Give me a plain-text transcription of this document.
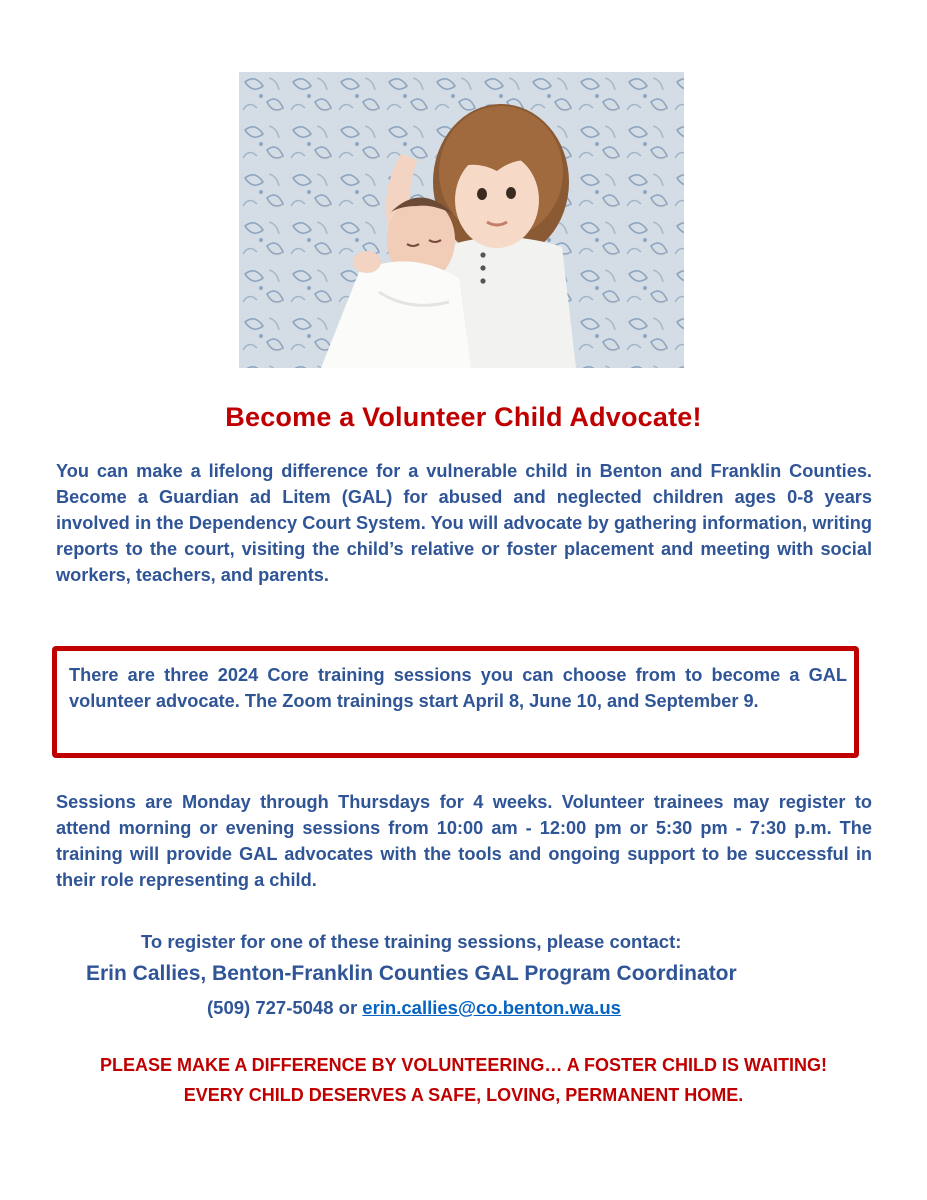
Become a Volunteer Child Advocate!
You can make a lifelong difference for a vulnerable child in Benton and Franklin Counties. Become a Guardian ad Litem (GAL) for abused and neglected children ages 0-8 years involved in the Dependency Court System. You will advocate by gathering information, writing reports to the court, visiting the child’s relative or foster placement and meeting with social workers, teachers, and parents.
There are three 2024 Core training sessions you can choose from to become a GAL volunteer advocate. The Zoom trainings start April 8, June 10, and September 9.
Sessions are Monday through Thursdays for 4 weeks. Volunteer trainees may register to attend morning or evening sessions from 10:00 am - 12:00 pm or 5:30 pm - 7:30 p.m. The training will provide GAL advocates with the tools and ongoing support to be successful in their role representing a child.
To register for one of these training sessions, please contact:
Erin Callies, Benton-Franklin Counties GAL Program Coordinator
(509) 727-5048 or erin.callies@co.benton.wa.us
PLEASE MAKE A DIFFERENCE BY VOLUNTEERING… A FOSTER CHILD IS WAITING!
EVERY CHILD DESERVES A SAFE, LOVING, PERMANENT HOME.
